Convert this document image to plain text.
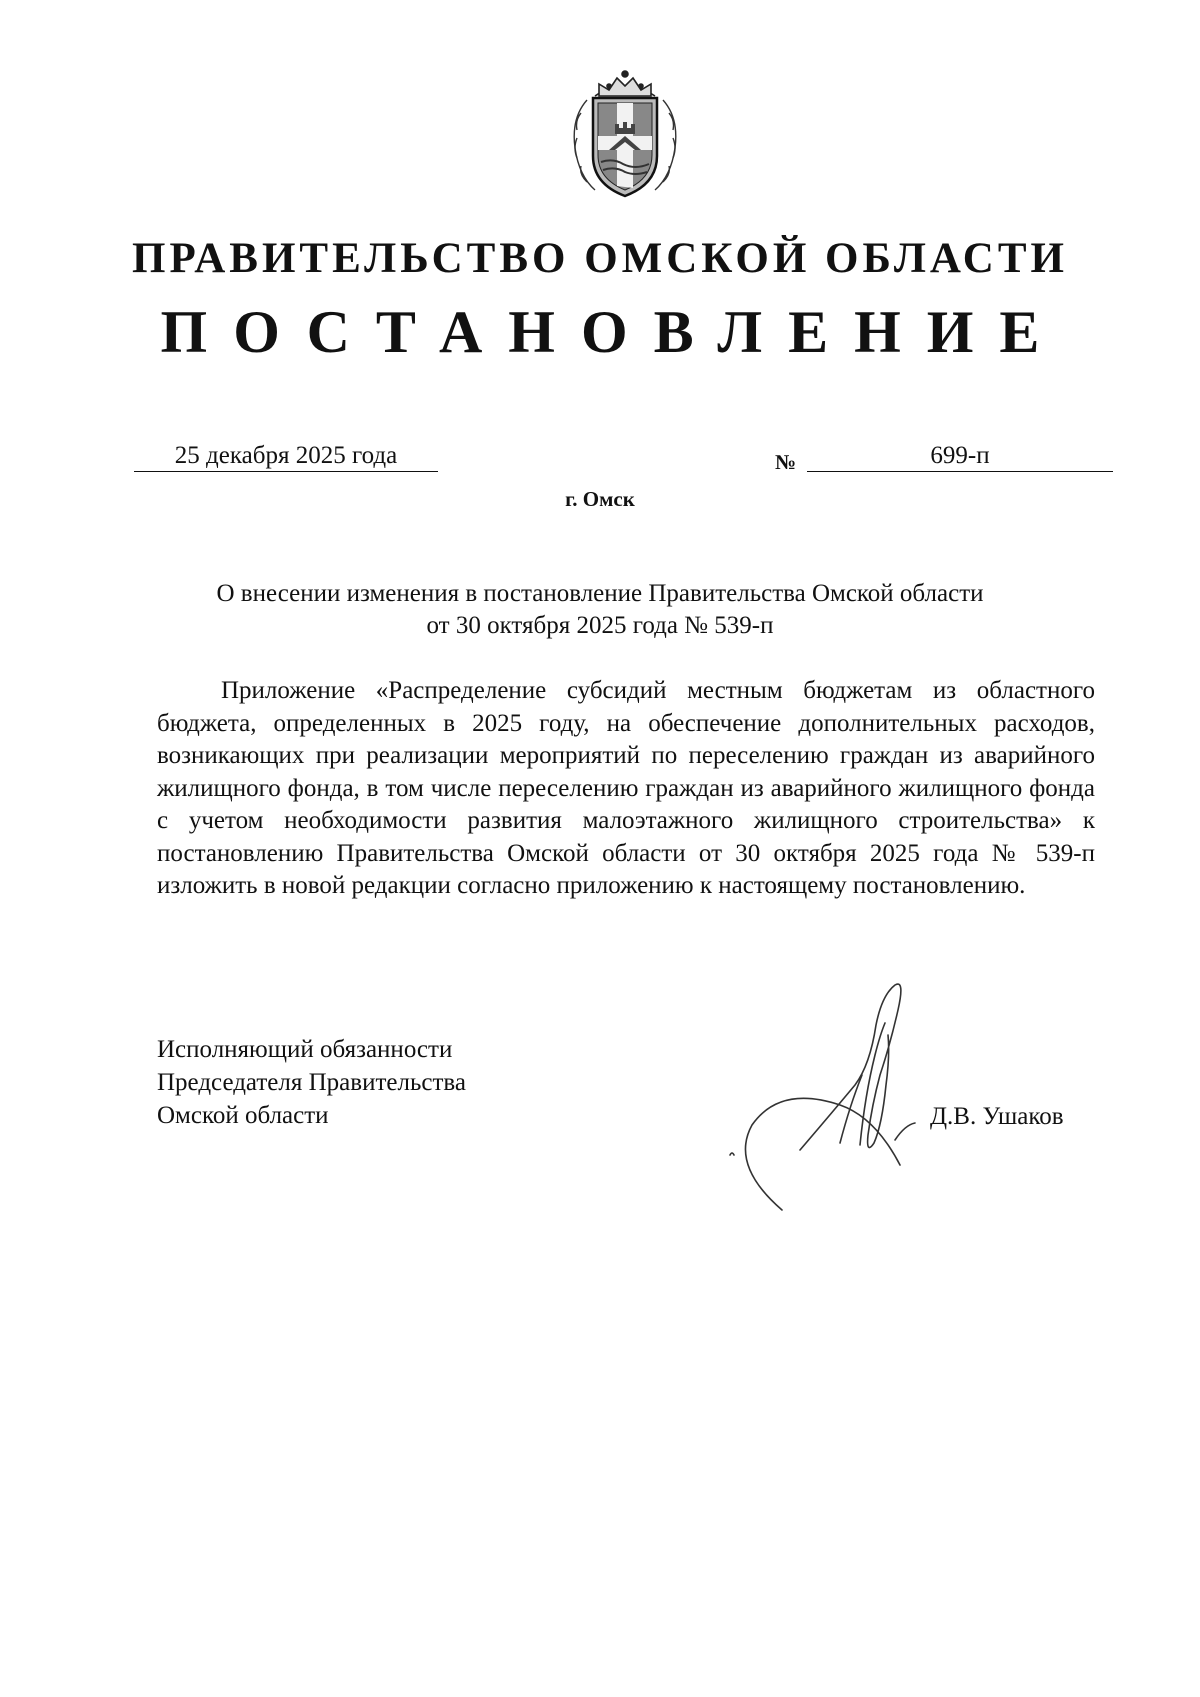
ПРАВИТЕЛЬСТВО ОМСКОЙ ОБЛАСТИ
ПОСТАНОВЛЕНИЕ
25 декабря 2025 года	№	699-п
г. Омск
О внесении изменения в постановление Правительства Омской области
от 30 октября 2025 года № 539-п

Приложение «Распределение субсидий местным бюджетам из областного бюджета, определенных в 2025 году, на обеспечение дополнительных расходов, возникающих при реализации мероприятий по переселению граждан из аварийного жилищного фонда, в том числе переселению граждан из аварийного жилищного фонда с учетом необходимости развития малоэтажного жилищного строительства» к постановлению Правительства Омской области от 30 октября 2025 года № 539-п изложить в новой редакции согласно приложению к настоящему постановлению.

Исполняющий обязанности
Председателя Правительства
Омской области	Д.В. Ушаков
